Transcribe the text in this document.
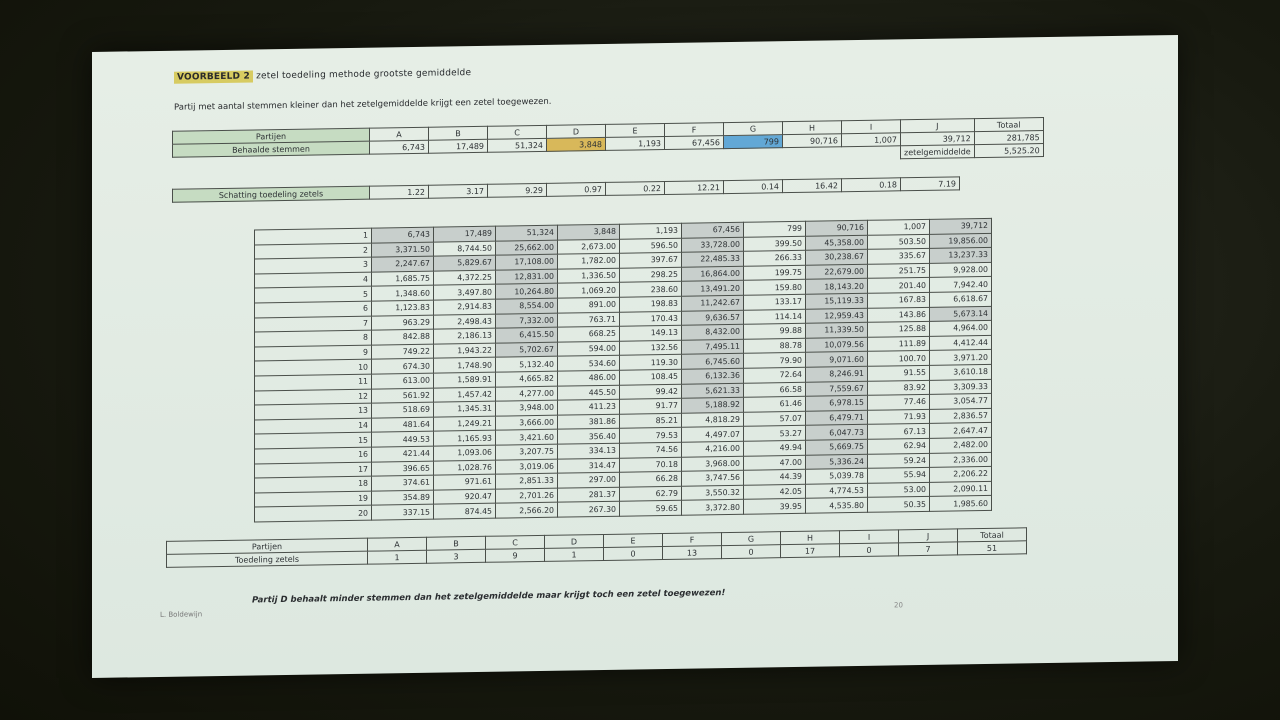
VOORBEELD 2 zetel toedeling methode grootste gemiddelde
Partij met aantal stemmen kleiner dan het zetelgemiddelde krijgt een zetel toegewezen.
Partijen	A	B	C	D	E	F	G	H	I	J	Totaal
Behaalde stemmen	6,743	17,489	51,324	3,848	1,193	67,456	799	90,716	1,007	39,712	281,785
										zetelgemiddelde	5,525.20
Schatting toedeling zetels	1.22	3.17	9.29	0.97	0.22	12.21	0.14	16.42	0.18	7.19
1	6,743	17,489	51,324	3,848	1,193	67,456	799	90,716	1,007	39,712
2	3,371.50	8,744.50	25,662.00	2,673.00	596.50	33,728.00	399.50	45,358.00	503.50	19,856.00
3	2,247.67	5,829.67	17,108.00	1,782.00	397.67	22,485.33	266.33	30,238.67	335.67	13,237.33
4	1,685.75	4,372.25	12,831.00	1,336.50	298.25	16,864.00	199.75	22,679.00	251.75	9,928.00
5	1,348.60	3,497.80	10,264.80	1,069.20	238.60	13,491.20	159.80	18,143.20	201.40	7,942.40
6	1,123.83	2,914.83	8,554.00	891.00	198.83	11,242.67	133.17	15,119.33	167.83	6,618.67
7	963.29	2,498.43	7,332.00	763.71	170.43	9,636.57	114.14	12,959.43	143.86	5,673.14
8	842.88	2,186.13	6,415.50	668.25	149.13	8,432.00	99.88	11,339.50	125.88	4,964.00
9	749.22	1,943.22	5,702.67	594.00	132.56	7,495.11	88.78	10,079.56	111.89	4,412.44
10	674.30	1,748.90	5,132.40	534.60	119.30	6,745.60	79.90	9,071.60	100.70	3,971.20
11	613.00	1,589.91	4,665.82	486.00	108.45	6,132.36	72.64	8,246.91	91.55	3,610.18
12	561.92	1,457.42	4,277.00	445.50	99.42	5,621.33	66.58	7,559.67	83.92	3,309.33
13	518.69	1,345.31	3,948.00	411.23	91.77	5,188.92	61.46	6,978.15	77.46	3,054.77
14	481.64	1,249.21	3,666.00	381.86	85.21	4,818.29	57.07	6,479.71	71.93	2,836.57
15	449.53	1,165.93	3,421.60	356.40	79.53	4,497.07	53.27	6,047.73	67.13	2,647.47
16	421.44	1,093.06	3,207.75	334.13	74.56	4,216.00	49.94	5,669.75	62.94	2,482.00
17	396.65	1,028.76	3,019.06	314.47	70.18	3,968.00	47.00	5,336.24	59.24	2,336.00
18	374.61	971.61	2,851.33	297.00	66.28	3,747.56	44.39	5,039.78	55.94	2,206.22
19	354.89	920.47	2,701.26	281.37	62.79	3,550.32	42.05	4,774.53	53.00	2,090.11
20	337.15	874.45	2,566.20	267.30	59.65	3,372.80	39.95	4,535.80	50.35	1,985.60
Partijen	A	B	C	D	E	F	G	H	I	J	Totaal
Toedeling zetels	1	3	9	1	0	13	0	17	0	7	51
Partij D behaalt minder stemmen dan het zetelgemiddelde maar krijgt toch een zetel toegewezen!
L. Boldewijn
20
